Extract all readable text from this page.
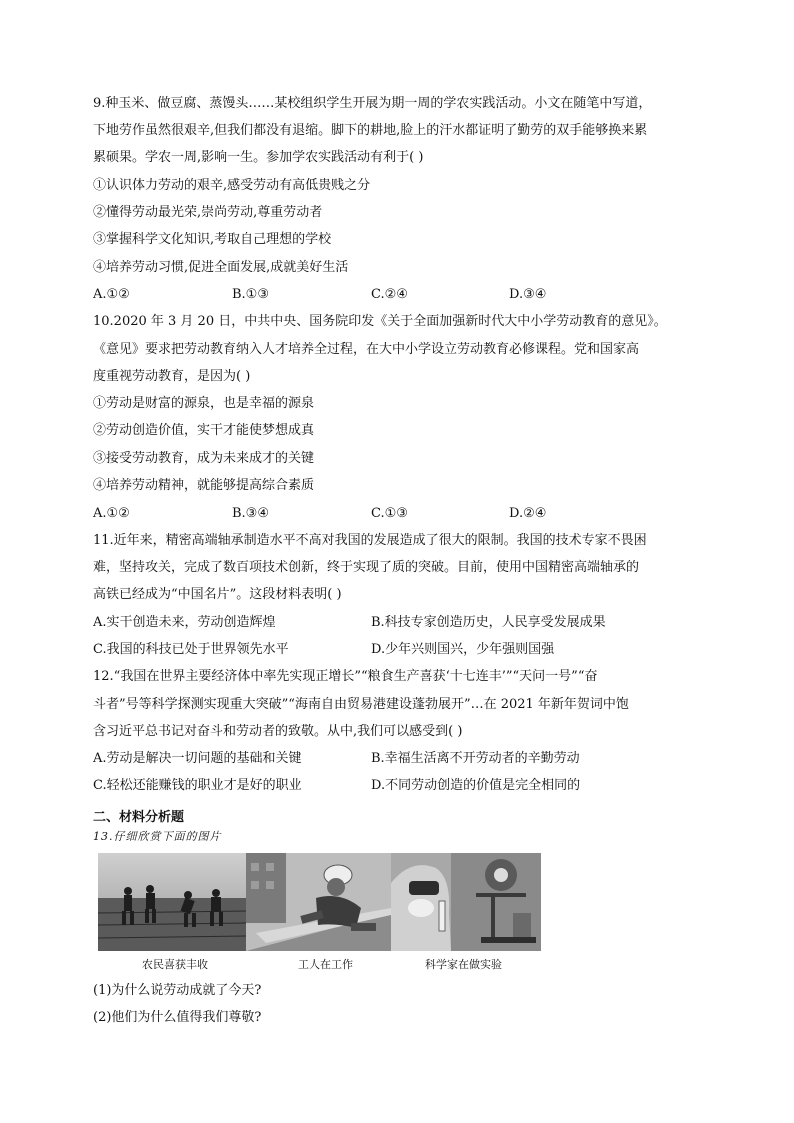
9.种玉米、做豆腐、蒸馒头……某校组织学生开展为期一周的学农实践活动。小文在随笔中写道，
下地劳作虽然很艰辛,但我们都没有退缩。脚下的耕地,脸上的汗水都证明了勤劳的双手能够换来累
累硕果。学农一周,影响一生。参加学农实践活动有利于( )
①认识体力劳动的艰辛,感受劳动有高低贵贱之分
②懂得劳动最光荣,崇尚劳动,尊重劳动者
③掌握科学文化知识,考取自己理想的学校
④培养劳动习惯,促进全面发展,成就美好生活
A.①②	B.①③	C.②④	D.③④
10.2020 年 3 月 20 日，中共中央、国务院印发《关于全面加强新时代大中小学劳动教育的意见》。
《意见》要求把劳动教育纳入人才培养全过程，在大中小学设立劳动教育必修课程。党和国家高
度重视劳动教育，是因为( )
①劳动是财富的源泉，也是幸福的源泉
②劳动创造价值，实干才能使梦想成真
③接受劳动教育，成为未来成才的关键
④培养劳动精神，就能够提高综合素质
A.①②	B.③④	C.①③	D.②④
11.近年来，精密高端轴承制造水平不高对我国的发展造成了很大的限制。我国的技术专家不畏困
难，坚持攻关，完成了数百项技术创新，终于实现了质的突破。目前，使用中国精密高端轴承的
高铁已经成为“中国名片”。这段材料表明( )
A.实干创造未来，劳动创造辉煌	B.科技专家创造历史，人民享受发展成果
C.我国的科技已处于世界领先水平	D.少年兴则国兴，少年强则国强
12.“我国在世界主要经济体中率先实现正增长”“粮食生产喜获‘十七连丰’”“天问一号”“奋
斗者”号等科学探测实现重大突破”“海南自由贸易港建设蓬勃展开”…在 2021 年新年贺词中饱
含习近平总书记对奋斗和劳动者的致敬。从中,我们可以感受到( )
A.劳动是解决一切问题的基础和关键	B.幸福生活离不开劳动者的辛勤劳动
C.轻松还能赚钱的职业才是好的职业	D.不同劳动创造的价值是完全相同的
二、材料分析题
13.仔细欣赏下面的图片
农民喜获丰收	工人在工作	科学家在做实验
(1)为什么说劳动成就了今天?
(2)他们为什么值得我们尊敬?
